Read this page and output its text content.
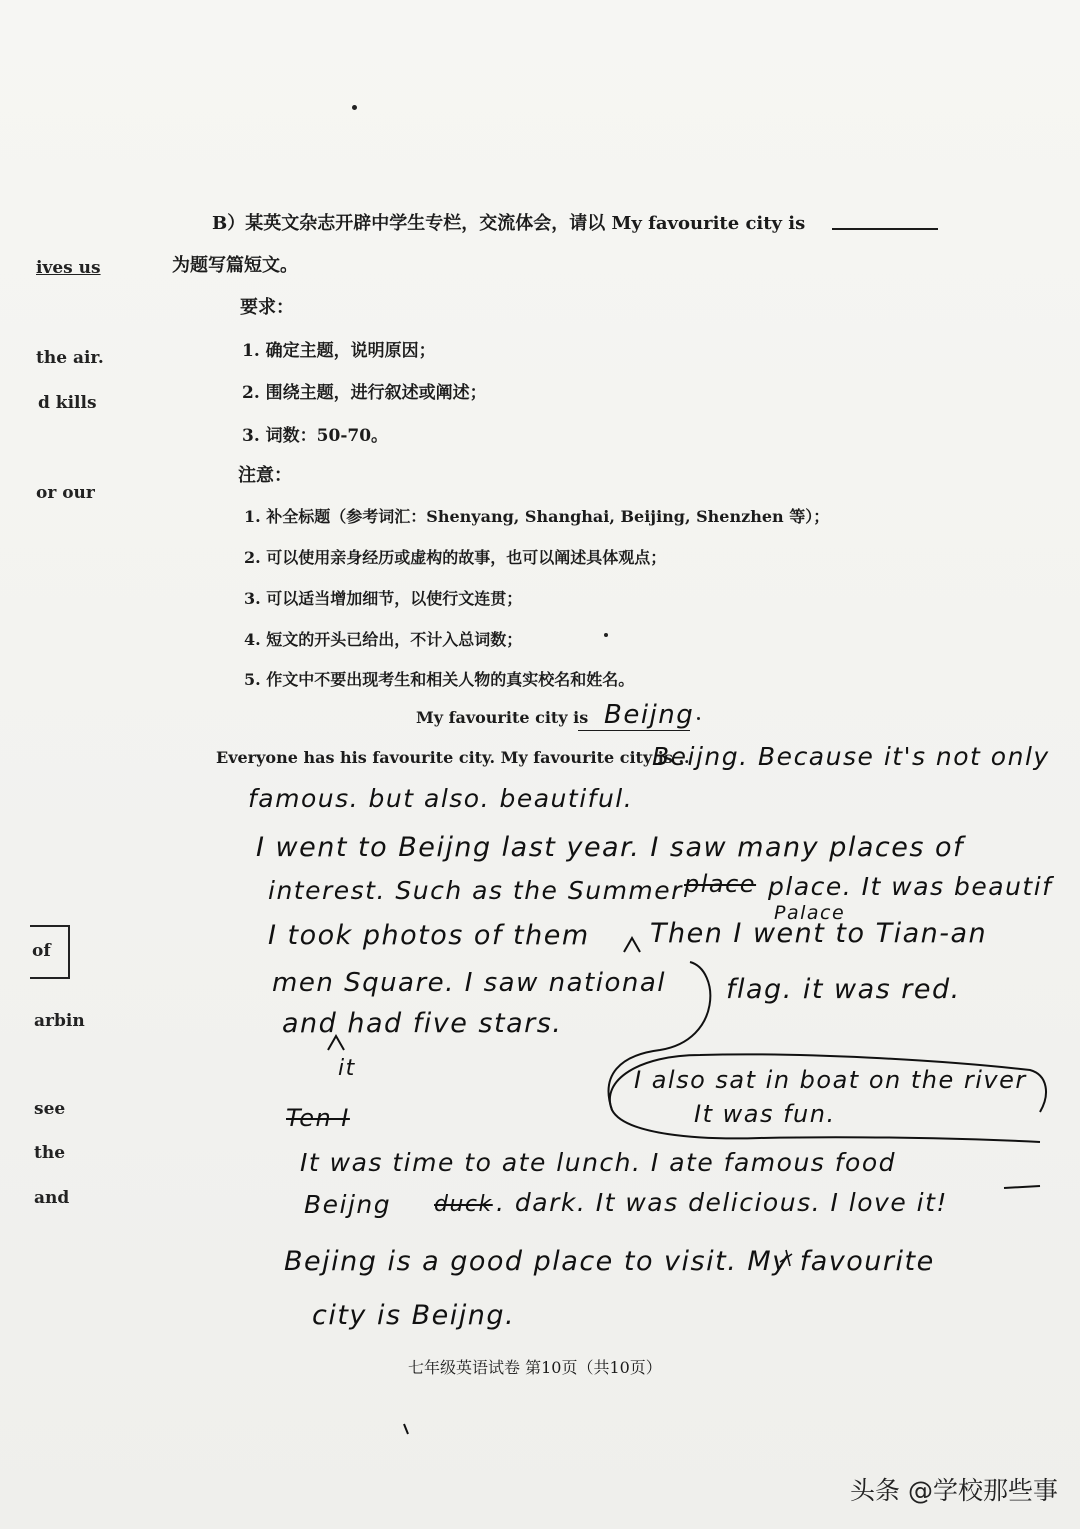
ives us
the air.
d kills
or our
of
arbin
see
the
and
B）某英文杂志开辟中学生专栏，交流体会，请以 My favourite city is
为题写篇短文。
要求：
1. 确定主题，说明原因；
2. 围绕主题，进行叙述或阐述；
3. 词数：50-70。
注意：
1. 补全标题（参考词汇：Shenyang, Shanghai, Beijing, Shenzhen 等）；
2. 可以使用亲身经历或虚构的故事，也可以阐述具体观点；
3. 可以适当增加细节，以使行文连贯；
4. 短文的开头已给出，不计入总词数；
5. 作文中不要出现考生和相关人物的真实校名和姓名。
My favourite city is Beijng
Everyone has his favourite city. My favourite city is ..
Beijng. Because it's not only
famous. but also. beautiful.
I went to Beijng last year. I saw many places of
interest. Such as the Summer place place. It was beautif
Palace
I took photos of them Then I went to Tian-an
men Square. I saw national flag. it was red.
and had five stars.
it
Ten I
I also sat in boat on the river
It was fun.
It was time to ate lunch. I ate famous food
Beijng duck . dark. It was delicious. I love it!
Bejing is a good place to visit. My favourite
city is Beijng.
七年级英语试卷 第10页（共10页）
头条 @学校那些事
